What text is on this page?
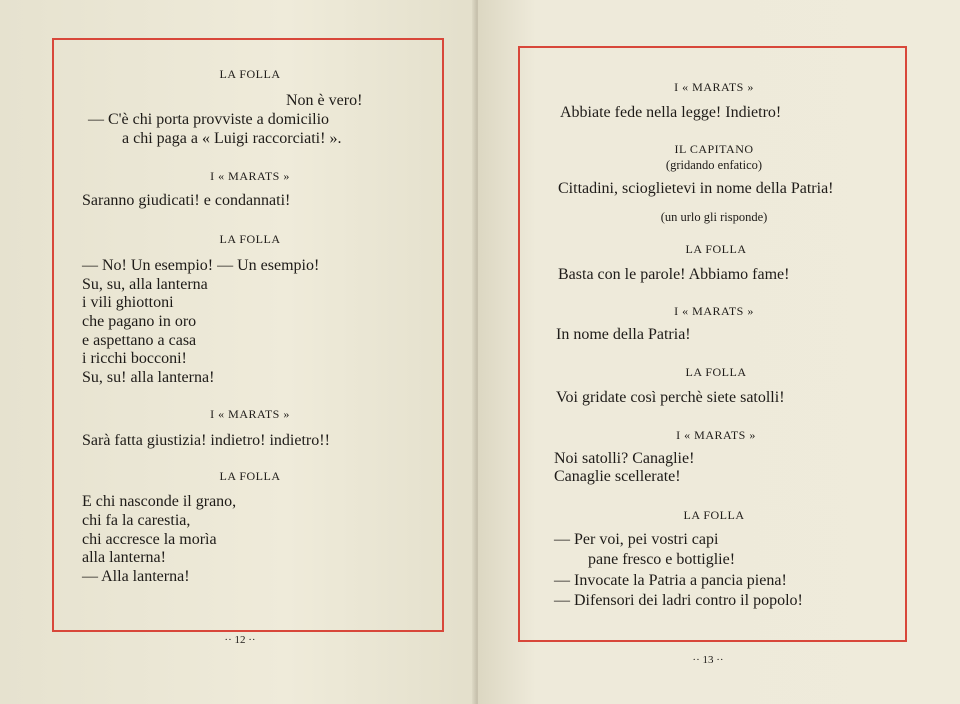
LA FOLLA
Non è vero!
— C'è chi porta provviste a domicilio
a chi paga a « Luigi raccorciati! ».
I « MARATS »
Saranno giudicati! e condannati!
LA FOLLA
— No! Un esempio! — Un esempio!
Su, su, alla lanterna
i vili ghiottoni
che pagano in oro
e aspettano a casa
i ricchi bocconi!
Su, su! alla lanterna!
I « MARATS »
Sarà fatta giustizia! indietro! indietro!!
LA FOLLA
E chi nasconde il grano,
chi fa la carestia,
chi accresce la morìa
alla lanterna!
— Alla lanterna!
·· 12 ··
I « MARATS »
Abbiate fede nella legge! Indietro!
IL CAPITANO
(gridando enfatico)
Cittadini, scioglietevi in nome della Patria!
(un urlo gli risponde)
LA FOLLA
Basta con le parole! Abbiamo fame!
I « MARATS »
In nome della Patria!
LA FOLLA
Voi gridate così perchè siete satolli!
I « MARATS »
Noi satolli? Canaglie!
Canaglie scellerate!
LA FOLLA
— Per voi, pei vostri capi
pane fresco e bottiglie!
— Invocate la Patria a pancia piena!
— Difensori dei ladri contro il popolo!
·· 13 ··
